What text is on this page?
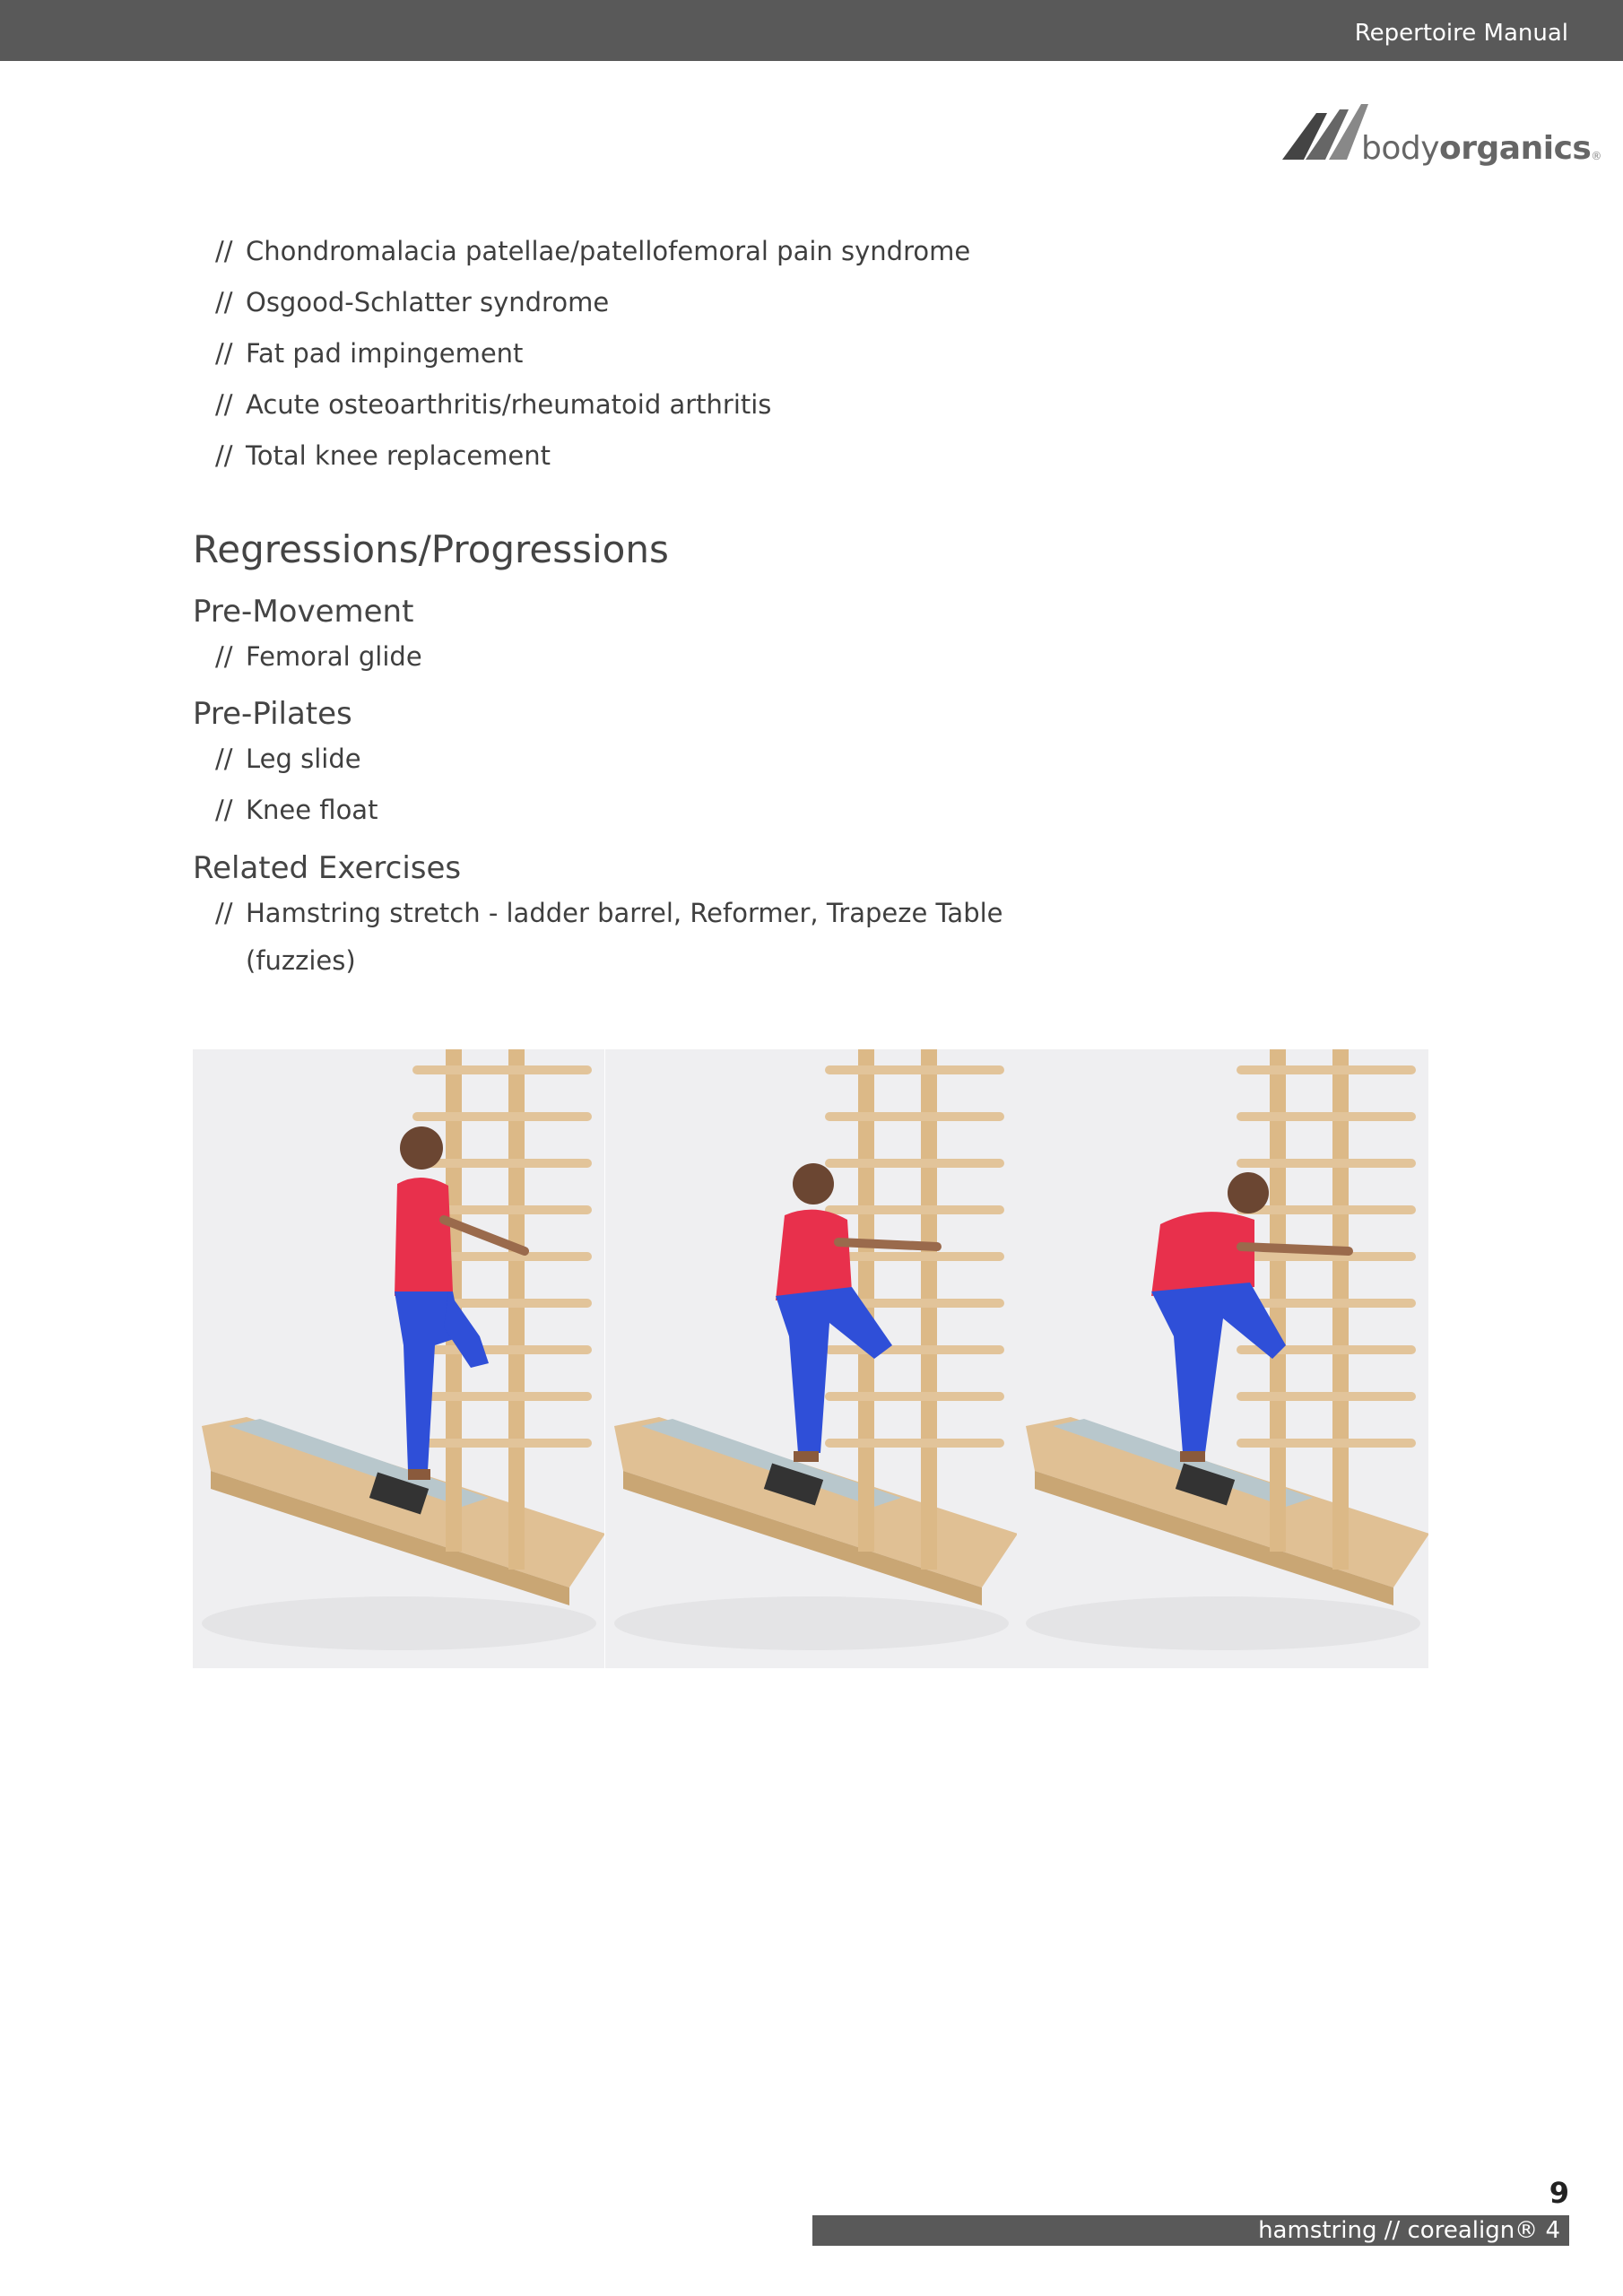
Repertoire Manual
bodyorganics®
// Chondromalacia patellae/patellofemoral pain syndrome
// Osgood-Schlatter syndrome
// Fat pad impingement
// Acute osteoarthritis/rheumatoid arthritis
// Total knee replacement
Regressions/Progressions
Pre-Movement
// Femoral glide
Pre-Pilates
// Leg slide
// Knee float
Related Exercises
// Hamstring stretch - ladder barrel, Reformer, Trapeze Table
(fuzzies)
9
hamstring // corealign® 4
